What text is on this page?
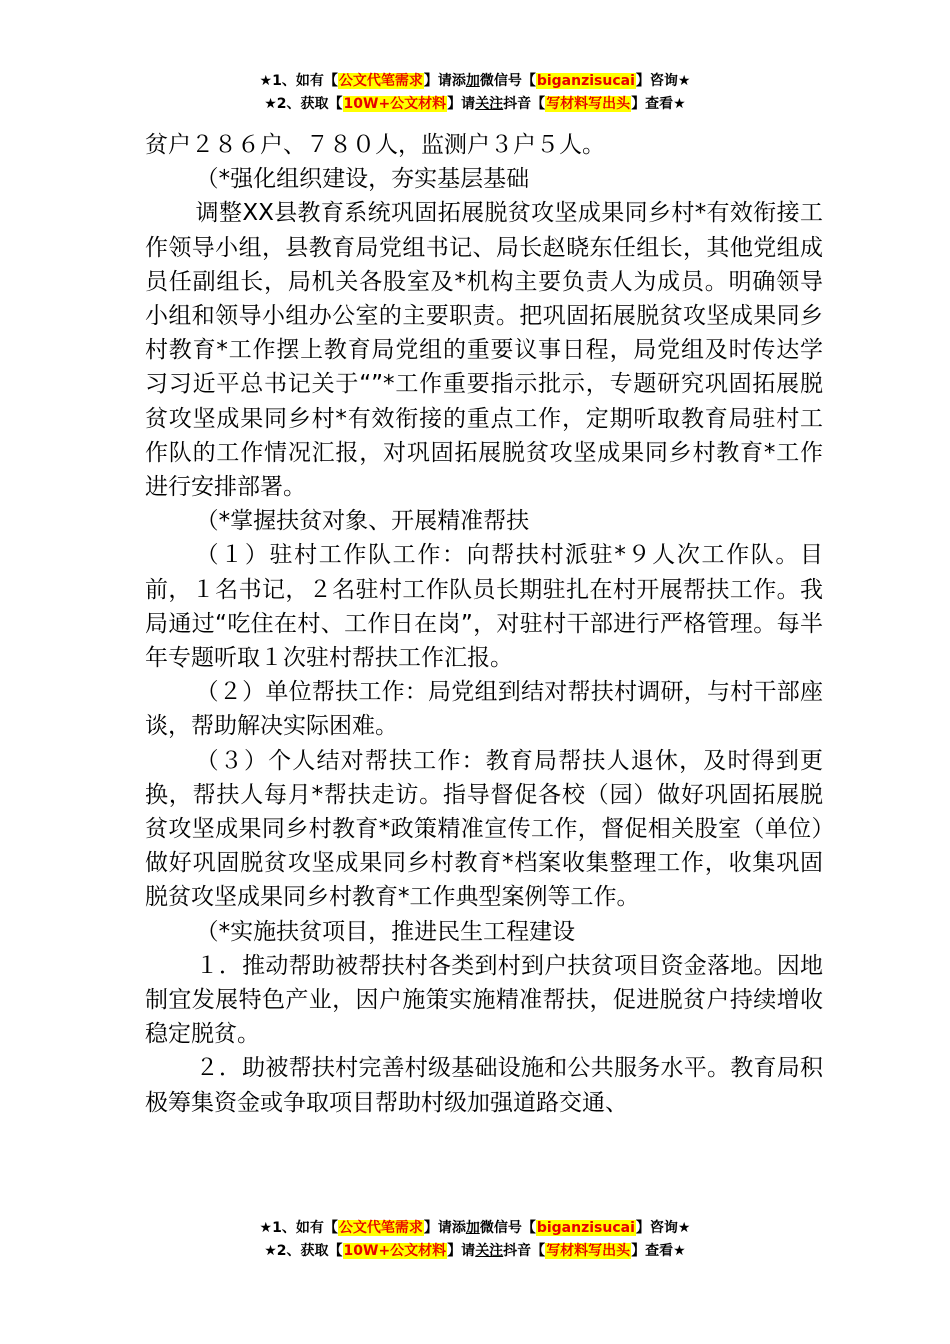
★1、如有【公文代笔需求】请添加微信号【biganzisucai】咨询★
★2、获取【10W+公文材料】请关注抖音【写材料写出头】查看★

贫户２８６户、７８０人，监测户３户５人。

（*强化组织建设，夯实基层基础

调整XX县教育系统巩固拓展脱贫攻坚成果同乡村*有效衔接工作领导小组，县教育局党组书记、局长赵晓东任组长，其他党组成员任副组长，局机关各股室及*机构主要负责人为成员。明确领导小组和领导小组办公室的主要职责。把巩固拓展脱贫攻坚成果同乡村教育*工作摆上教育局党组的重要议事日程，局党组及时传达学习习近平总书记关于“”*工作重要指示批示，专题研究巩固拓展脱贫攻坚成果同乡村*有效衔接的重点工作，定期听取教育局驻村工作队的工作情况汇报，对巩固拓展脱贫攻坚成果同乡村教育*工作进行安排部署。

（*掌握扶贫对象、开展精准帮扶

（１）驻村工作队工作：向帮扶村派驻*９人次工作队。目前，１名书记，２名驻村工作队员长期驻扎在村开展帮扶工作。我局通过“吃住在村、工作日在岗”，对驻村干部进行严格管理。每半年专题听取１次驻村帮扶工作汇报。

（２）单位帮扶工作：局党组到结对帮扶村调研，与村干部座谈，帮助解决实际困难。

（３）个人结对帮扶工作：教育局帮扶人退休，及时得到更换，帮扶人每月*帮扶走访。指导督促各校（园）做好巩固拓展脱贫攻坚成果同乡村教育*政策精准宣传工作，督促相关股室（单位）做好巩固脱贫攻坚成果同乡村教育*档案收集整理工作，收集巩固脱贫攻坚成果同乡村教育*工作典型案例等工作。

（*实施扶贫项目，推进民生工程建设

１．推动帮助被帮扶村各类到村到户扶贫项目资金落地。因地制宜发展特色产业，因户施策实施精准帮扶，促进脱贫户持续增收稳定脱贫。

２．助被帮扶村完善村级基础设施和公共服务水平。教育局积极筹集资金或争取项目帮助村级加强道路交通、

★1、如有【公文代笔需求】请添加微信号【biganzisucai】咨询★
★2、获取【10W+公文材料】请关注抖音【写材料写出头】查看★
